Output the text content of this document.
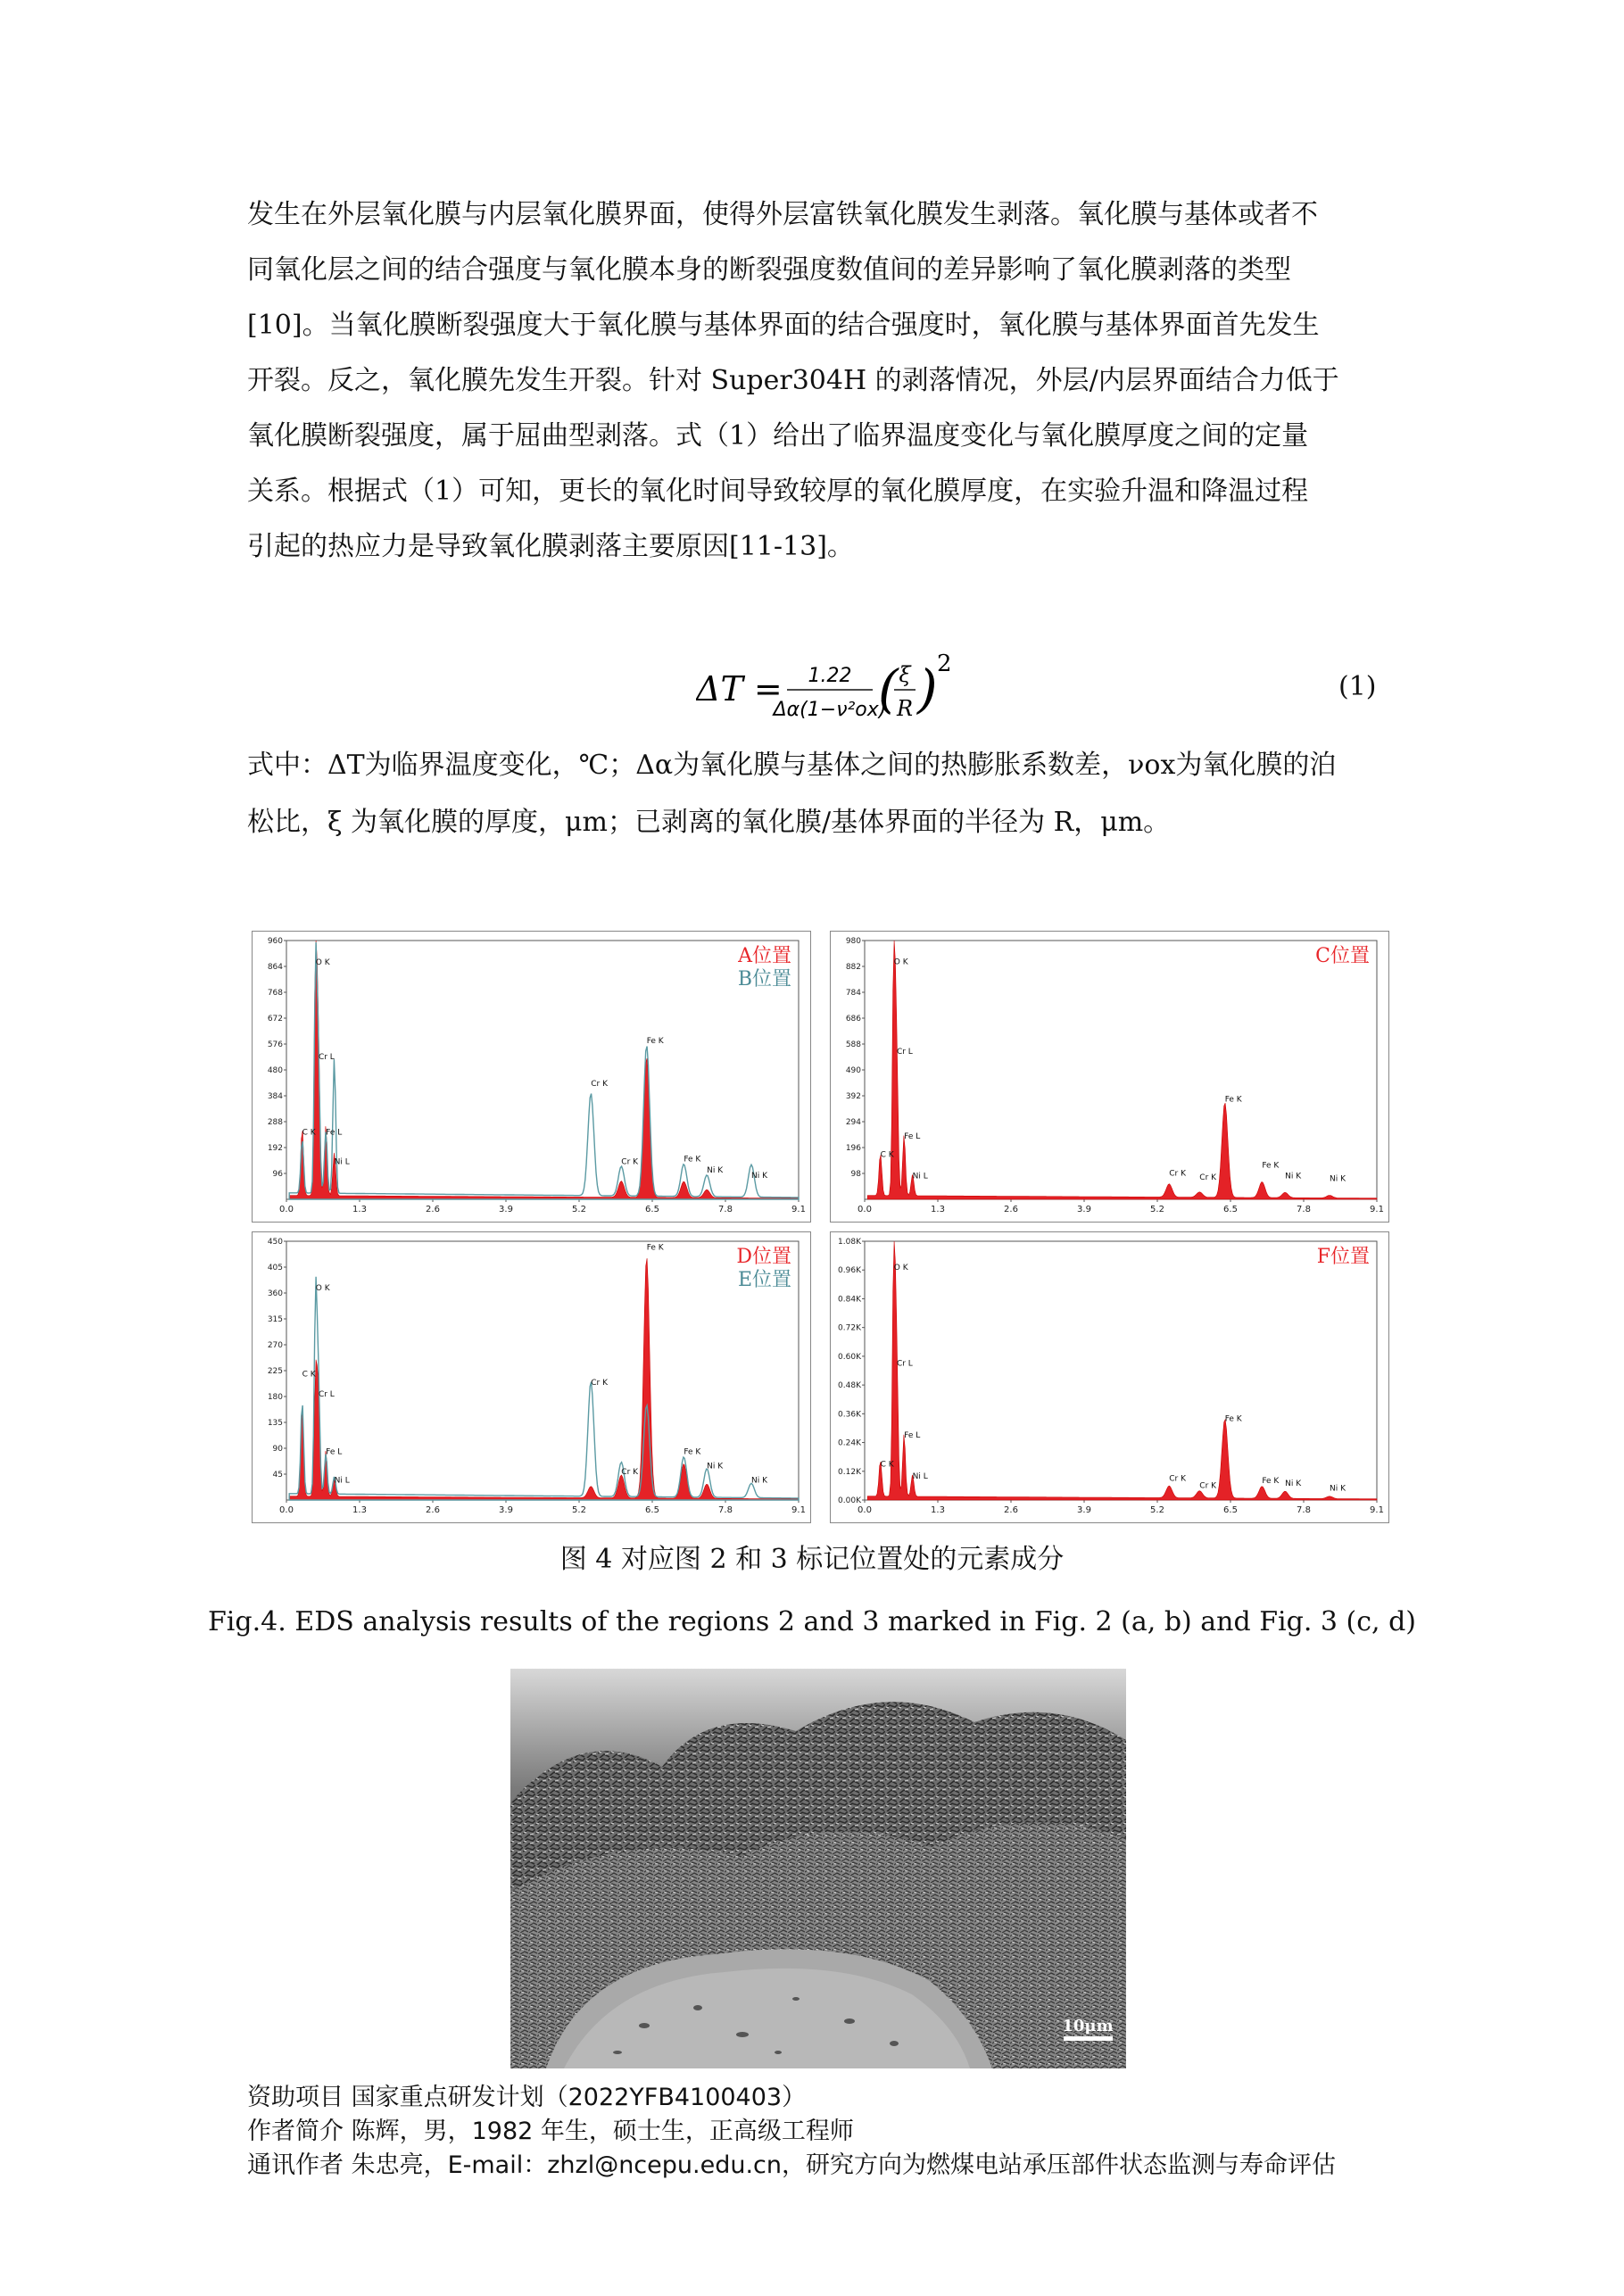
发生在外层氧化膜与内层氧化膜界面，使得外层富铁氧化膜发生剥落。氧化膜与基体或者不
同氧化层之间的结合强度与氧化膜本身的断裂强度数值间的差异影响了氧化膜剥落的类型
[10]。当氧化膜断裂强度大于氧化膜与基体界面的结合强度时，氧化膜与基体界面首先发生
开裂。反之，氧化膜先发生开裂。针对 Super304H 的剥落情况，外层/内层界面结合力低于
氧化膜断裂强度，属于屈曲型剥落。式（1）给出了临界温度变化与氧化膜厚度之间的定量
关系。根据式（1）可知，更长的氧化时间导致较厚的氧化膜厚度，在实验升温和降温过程
引起的热应力是导致氧化膜剥落主要原因[11-13]。
ΔT = 1.22
Δα(1−ν²ox)
( ξ
R ) 2
(1)
式中：ΔT为临界温度变化，℃；Δα为氧化膜与基体之间的热膨胀系数差，νox为氧化膜的泊
松比，ξ 为氧化膜的厚度，μm；已剥离的氧化膜/基体界面的半径为 R，μm。
96
192
288
384
480
576
672
768
864
960
0.0	1.3	2.6	3.9	5.2	6.5	7.8	9.1
O K
Cr L
C K Fe L
Ni L
Cr K
Cr K
Fe K
Fe K
Ni K
Ni K
A位置
B位置
98
196
294
392
490
588
686
784
882
980
0.0	1.3	2.6	3.9	5.2	6.5	7.8	9.1
O K
Cr L
C K
Fe L
Ni L	Cr K Cr K
Fe K
Fe K
Ni K	Ni K
C位置
45
90
135
180
225
270
315
360
405
450
0.0	1.3	2.6	3.9	5.2	6.5	7.8	9.1
O K
C K
Cr L
Fe L
Ni L
Cr K
Cr K
Fe K
Fe K
Ni K
Ni K
D位置
E位置
0.00K
0.12K
0.24K
0.36K
0.48K
0.60K
0.72K
0.84K
0.96K
1.08K
0.0	1.3	2.6	3.9	5.2	6.5	7.8	9.1
O K
Cr L
Fe L
C K
Ni L	Cr K
Cr K
Fe K
Fe K Ni K
Ni K
F位置
图 4 对应图 2 和 3 标记位置处的元素成分
Fig.4. EDS analysis results of the regions 2 and 3 marked in Fig. 2 (a, b) and Fig. 3 (c, d)
10μm
资助项目 国家重点研发计划（2022YFB4100403）
作者简介 陈辉，男，1982 年生，硕士生，正高级工程师
通讯作者 朱忠亮，E-mail：zhzl@ncepu.edu.cn，研究方向为燃煤电站承压部件状态监测与寿命评估
